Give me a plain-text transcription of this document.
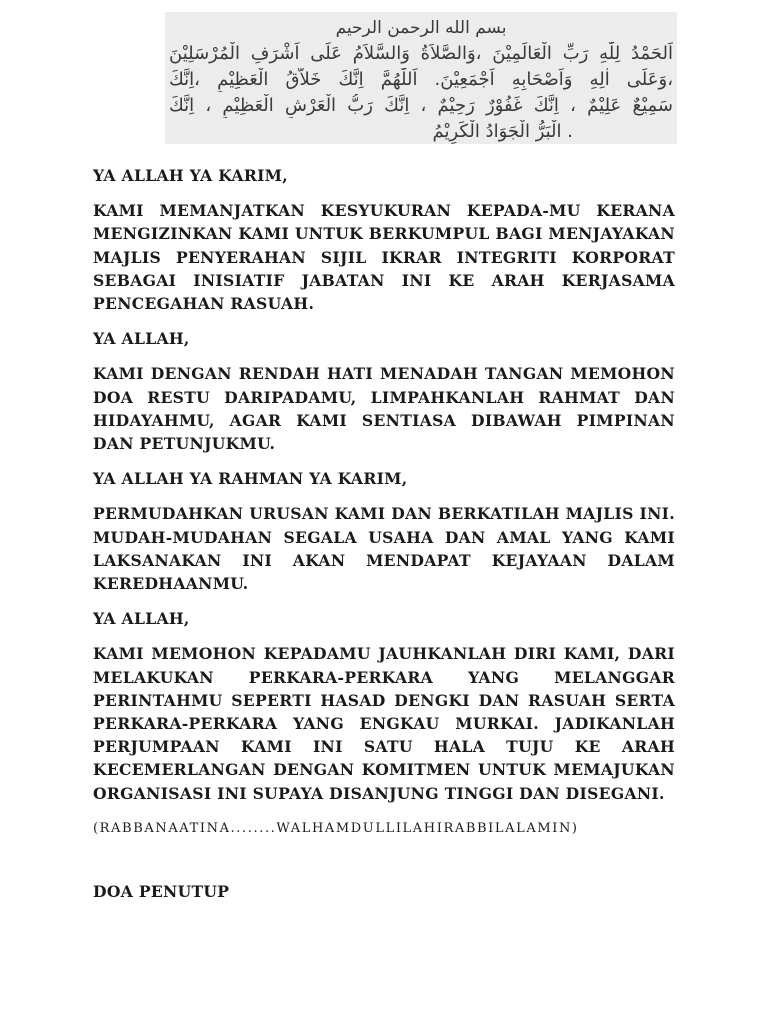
بسم الله الرحمن الرحيم
اَلحَمْدُ لِلّٰهِ رَبِّ الْعَالَمِيْنَ ،وَالصَّلاَةُ وَالسَّلاَمُ عَلَى اَشْرَفِ الْمُرْسَلِيْنَ
،وَعَلَى اٰلِهِ وَاَصْحَابِهِ اَجْمَعِيْنَ. اَللّٰهُمَّ اِنَّكَ خَلاَّقُ الْعَظِيْمِ ،اِنَّكَ
سَمِيْعٌ عَلِيْمٌ ، اِنَّكَ غَفُوْرٌ رَحِيْمٌ ، اِنَّكَ رَبُّ الْعَرْشِ الْعَظِيْمِ ، اِنَّكَ
. الْبَرُّ الْجَوَادُ الْكَرِيْمُ

YA ALLAH YA KARIM,

KAMI MEMANJATKAN KESYUKURAN KEPADA-MU KERANA MENGIZINKAN KAMI UNTUK BERKUMPUL BAGI MENJAYAKAN MAJLIS PENYERAHAN SIJIL IKRAR INTEGRITI KORPORAT SEBAGAI INISIATIF JABATAN INI KE ARAH KERJASAMA PENCEGAHAN RASUAH.

YA ALLAH,

KAMI DENGAN RENDAH HATI MENADAH TANGAN MEMOHON DOA RESTU DARIPADAMU, LIMPAHKANLAH RAHMAT DAN HIDAYAHMU, AGAR KAMI SENTIASA DIBAWAH PIMPINAN DAN PETUNJUKMU.

YA ALLAH YA RAHMAN YA KARIM,

PERMUDAHKAN URUSAN KAMI DAN BERKATILAH MAJLIS INI. MUDAH-MUDAHAN SEGALA USAHA DAN AMAL YANG KAMI LAKSANAKAN INI AKAN MENDAPAT KEJAYAAN DALAM KEREDHAANMU.

YA ALLAH,

KAMI MEMOHON KEPADAMU JAUHKANLAH DIRI KAMI, DARI MELAKUKAN PERKARA-PERKARA YANG MELANGGAR PERINTAHMU SEPERTI HASAD DENGKI DAN RASUAH SERTA PERKARA-PERKARA YANG ENGKAU MURKAI. JADIKANLAH PERJUMPAAN KAMI INI SATU HALA TUJU KE ARAH KECEMERLANGAN DENGAN KOMITMEN UNTUK MEMAJUKAN ORGANISASI INI SUPAYA DISANJUNG TINGGI DAN DISEGANI.

(RABBANAATINA........WALHAMDULLILAHIRABBILALAMIN)

DOA PENUTUP
